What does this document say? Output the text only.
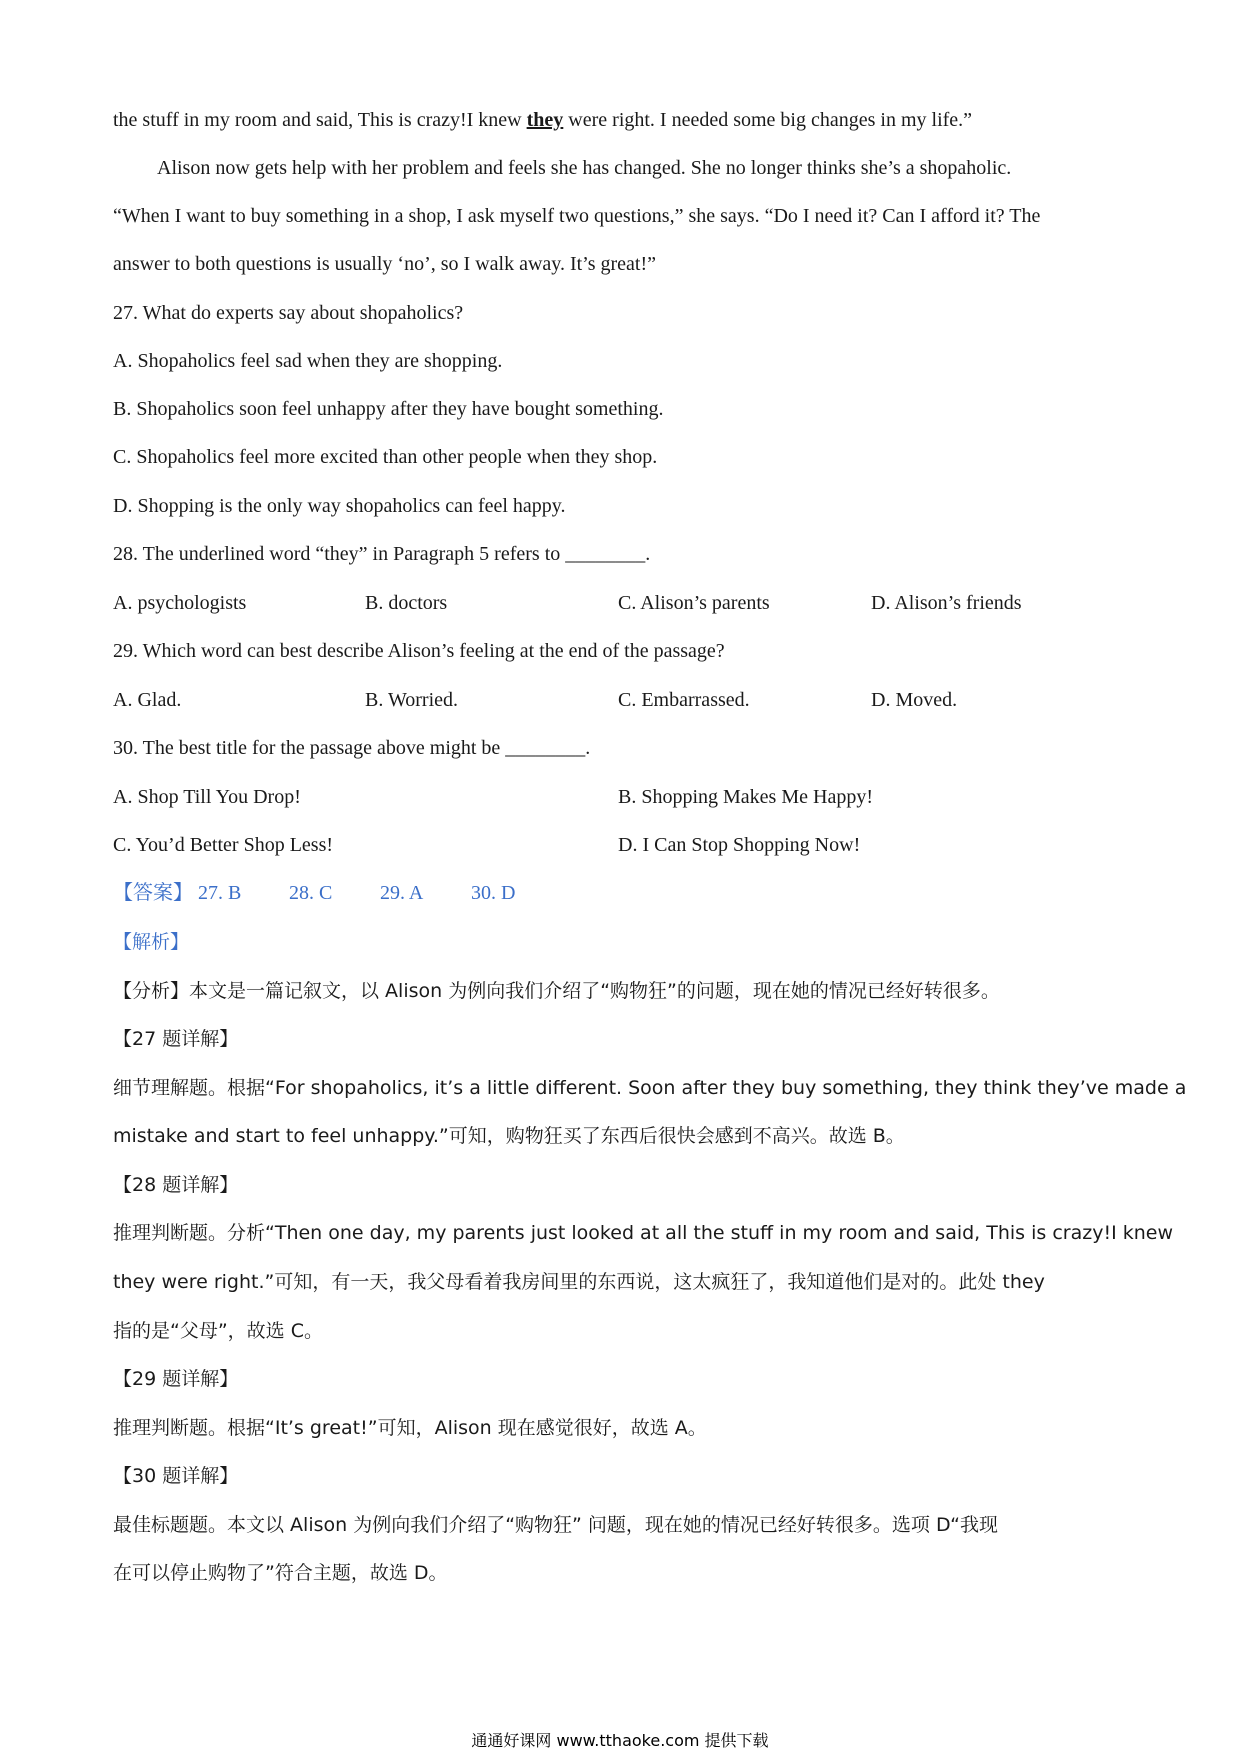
the stuff in my room and said, This is crazy!I knew they were right. I needed some big changes in my life.”
Alison now gets help with her problem and feels she has changed. She no longer thinks she’s a shopaholic.
“When I want to buy something in a shop, I ask myself two questions,” she says. “Do I need it? Can I afford it? The
answer to both questions is usually ‘no’, so I walk away. It’s great!”
27. What do experts say about shopaholics?
A. Shopaholics feel sad when they are shopping.
B. Shopaholics soon feel unhappy after they have bought something.
C. Shopaholics feel more excited than other people when they shop.
D. Shopping is the only way shopaholics can feel happy.
28. The underlined word “they” in Paragraph 5 refers to ________.
A. psychologists	B. doctors	C. Alison’s parents	D. Alison’s friends
29. Which word can best describe Alison’s feeling at the end of the passage?
A. Glad.	B. Worried.	C. Embarrassed.	D. Moved.
30. The best title for the passage above might be ________.
A. Shop Till You Drop!	B. Shopping Makes Me Happy!
C. You’d Better Shop Less!	D. I Can Stop Shopping Now!
【答案】 27. B 28. C 29. A 30. D
【解析】
【分析】本文是一篇记叙文，以 Alison 为例向我们介绍了“购物狂”的问题，现在她的情况已经好转很多。
【27 题详解】
细节理解题。根据“For shopaholics, it’s a little different. Soon after they buy something, they think they’ve made a
mistake and start to feel unhappy.”可知，购物狂买了东西后很快会感到不高兴。故选 B。
【28 题详解】
推理判断题。分析“Then one day, my parents just looked at all the stuff in my room and said, This is crazy!I knew
they were right.”可知，有一天，我父母看着我房间里的东西说，这太疯狂了，我知道他们是对的。此处 they
指的是“父母”，故选 C。
【29 题详解】
推理判断题。根据“It’s great!”可知，Alison 现在感觉很好，故选 A。
【30 题详解】
最佳标题题。本文以 Alison 为例向我们介绍了“购物狂” 问题，现在她的情况已经好转很多。选项 D“我现
在可以停止购物了”符合主题，故选 D。
通通好课网 www.tthaoke.com 提供下载
